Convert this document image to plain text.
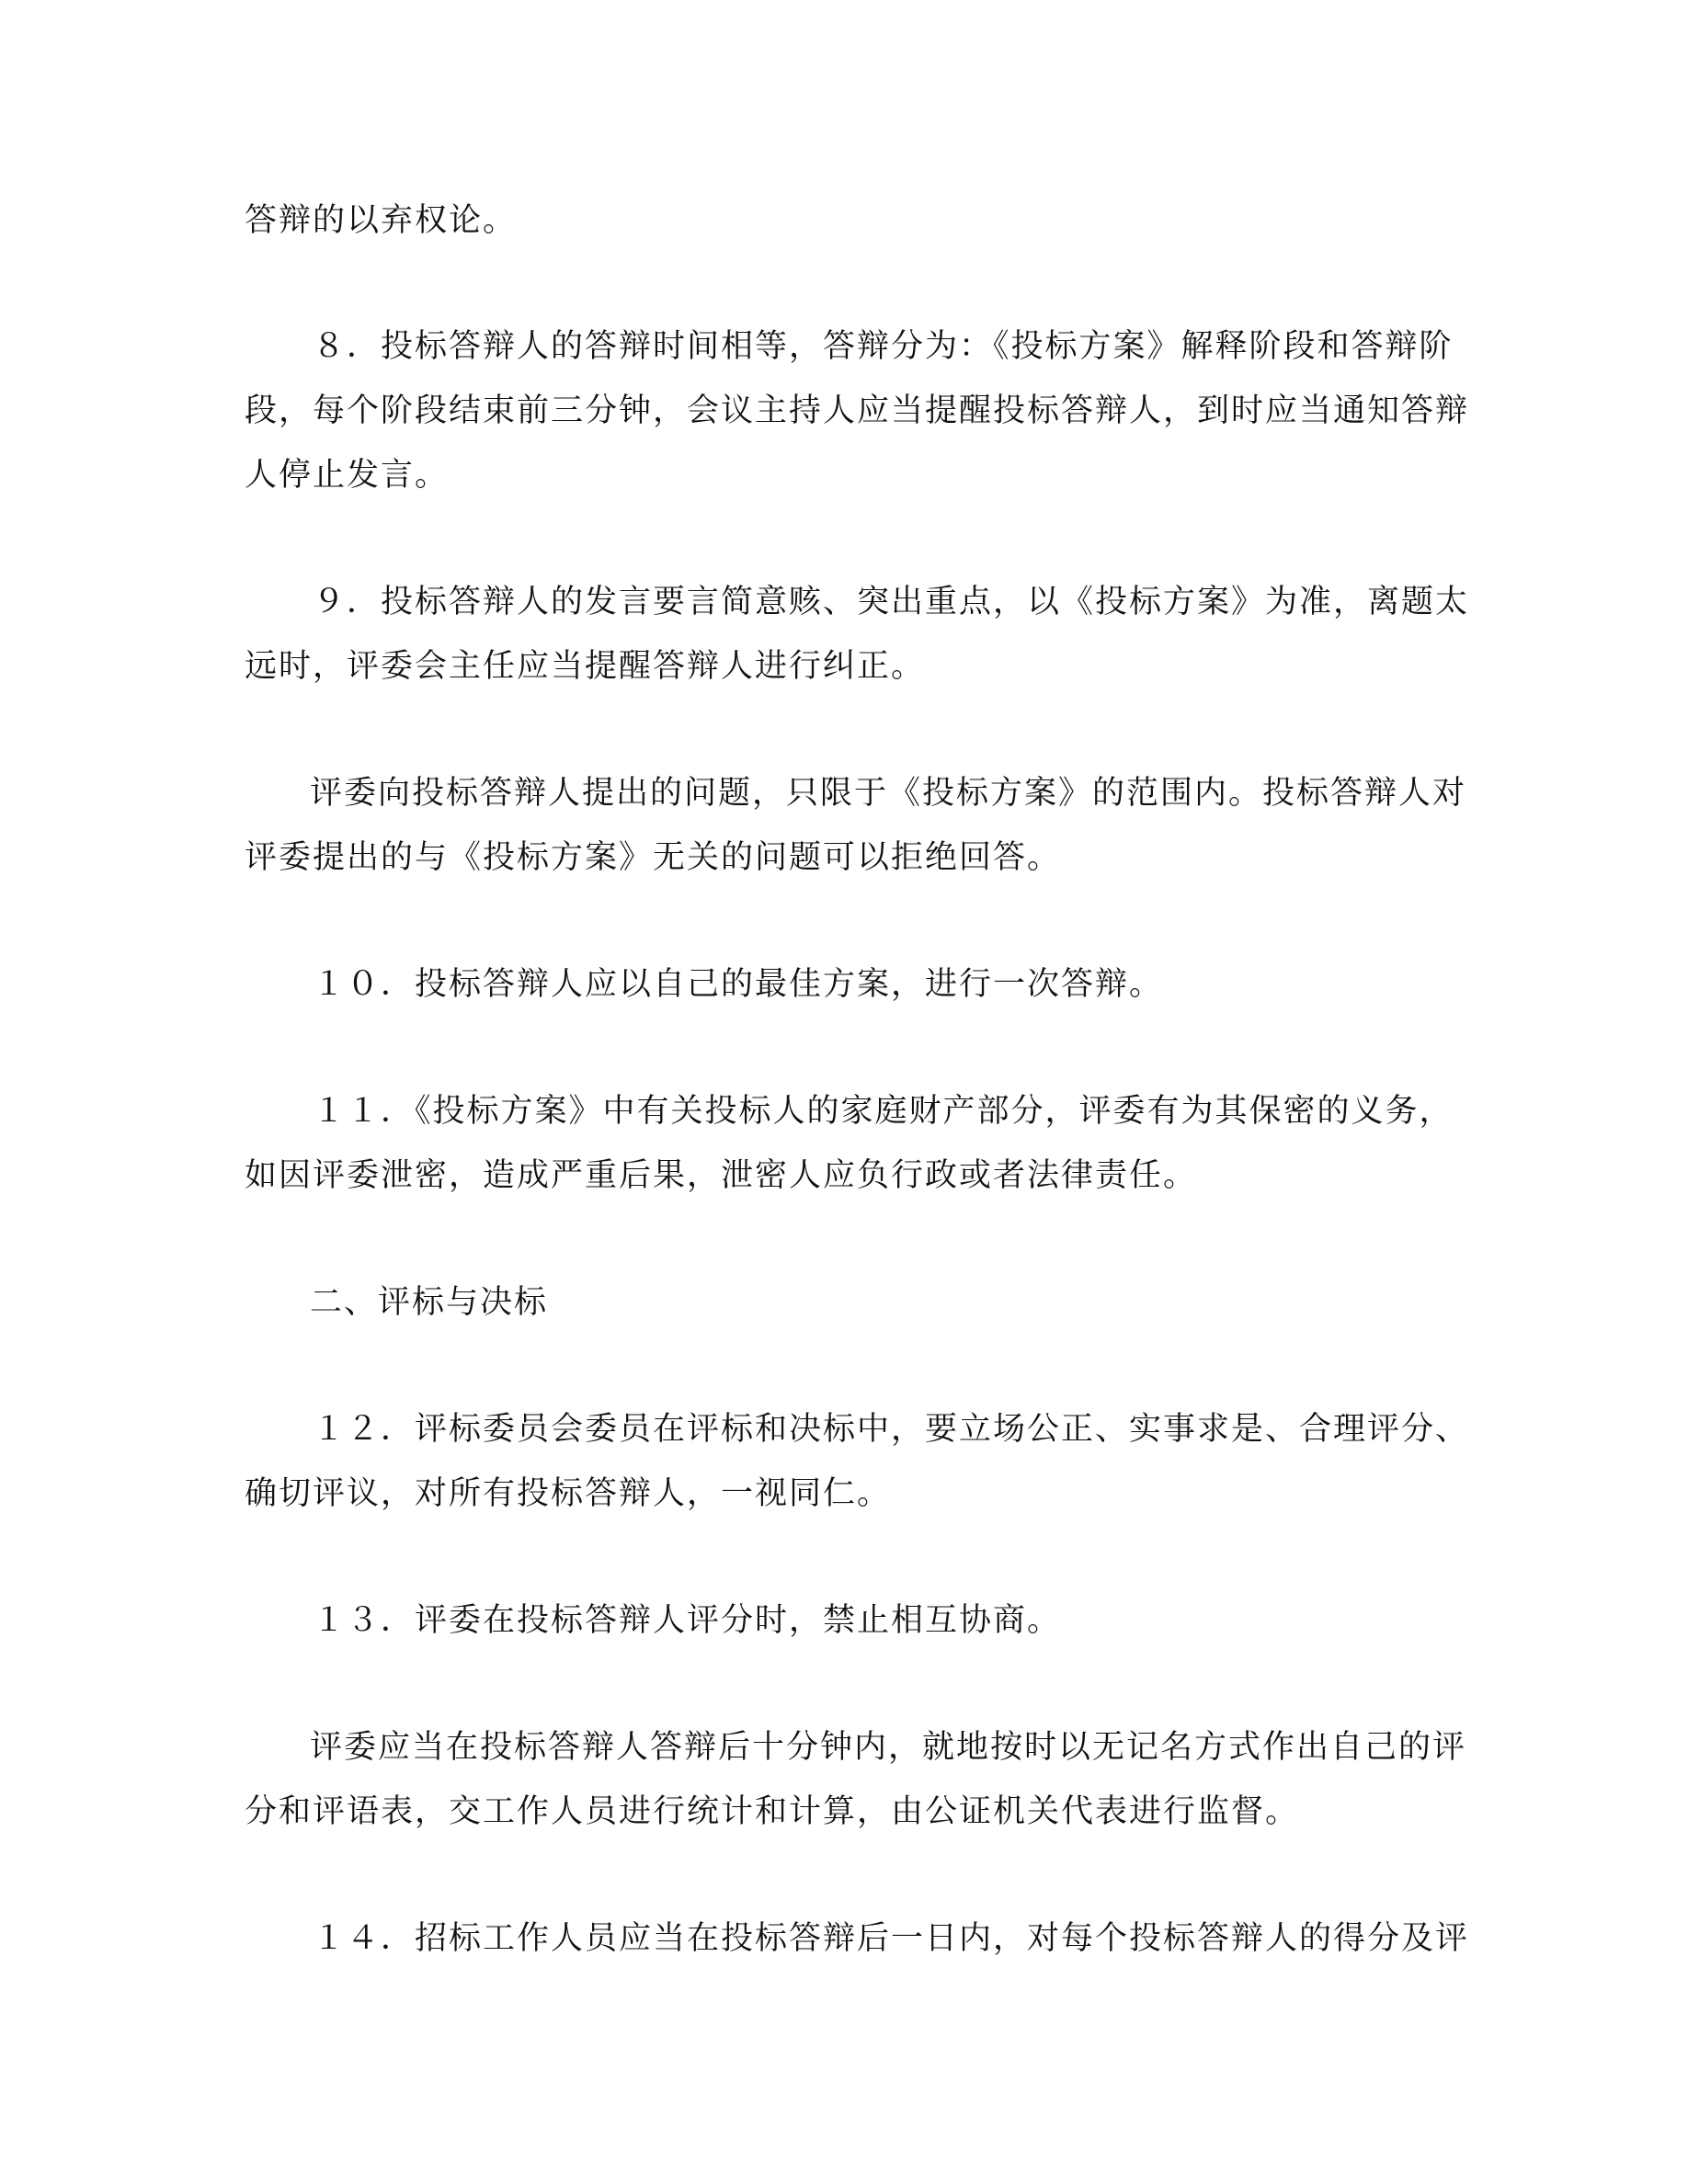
答辩的以弃权论。
８．投标答辩人的答辩时间相等，答辩分为：《投标方案》解释阶段和答辩阶
段，每个阶段结束前三分钟，会议主持人应当提醒投标答辩人，到时应当通知答辩
人停止发言。
９．投标答辩人的发言要言简意赅、突出重点，以《投标方案》为准，离题太
远时，评委会主任应当提醒答辩人进行纠正。
评委向投标答辩人提出的问题，只限于《投标方案》的范围内。投标答辩人对
评委提出的与《投标方案》无关的问题可以拒绝回答。
１０．投标答辩人应以自己的最佳方案，进行一次答辩。
１１．《投标方案》中有关投标人的家庭财产部分，评委有为其保密的义务，
如因评委泄密，造成严重后果，泄密人应负行政或者法律责任。
二、评标与决标
１２．评标委员会委员在评标和决标中，要立场公正、实事求是、合理评分、
确切评议，对所有投标答辩人，一视同仁。
１３．评委在投标答辩人评分时，禁止相互协商。
评委应当在投标答辩人答辩后十分钟内，就地按时以无记名方式作出自己的评
分和评语表，交工作人员进行统计和计算，由公证机关代表进行监督。
１４．招标工作人员应当在投标答辩后一日内，对每个投标答辩人的得分及评
